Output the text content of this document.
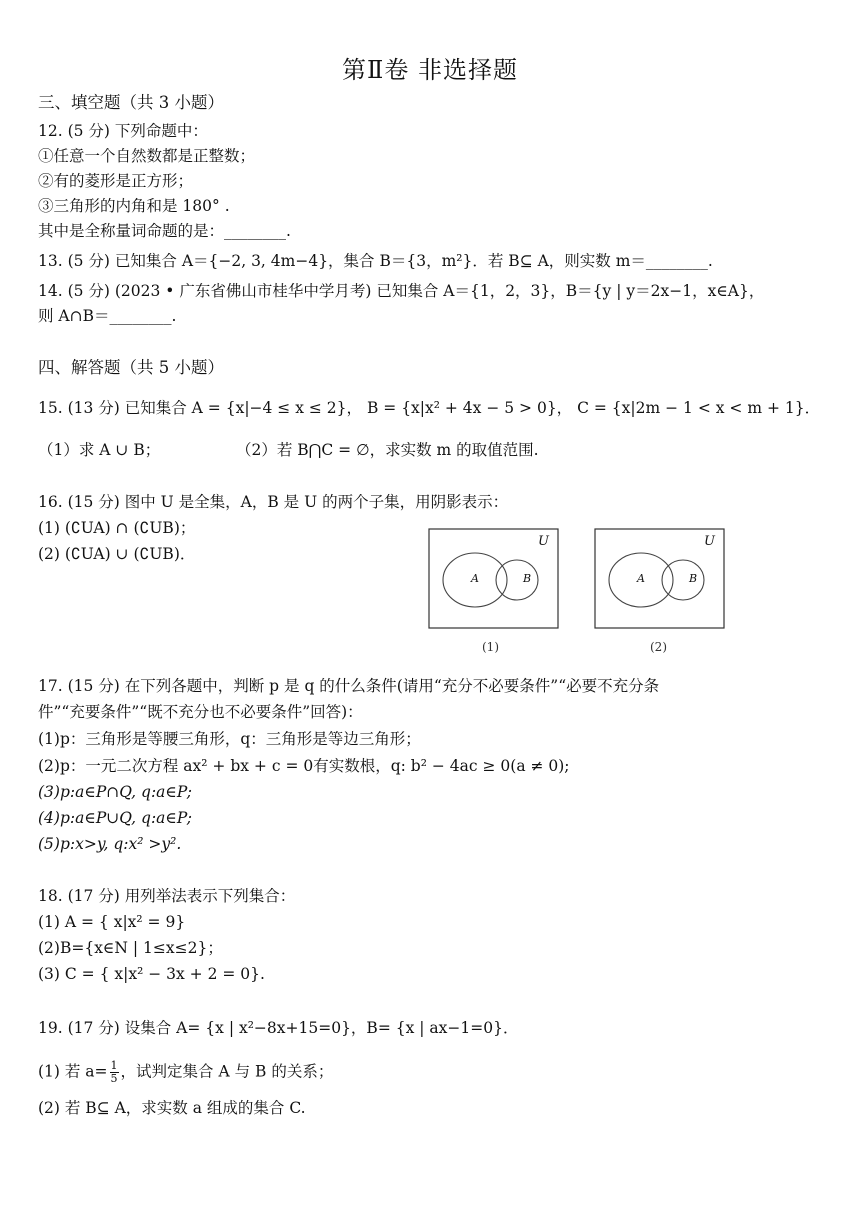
第Ⅱ卷 非选择题
三、填空题（共 3 小题）
12. (5 分) 下列命题中：
①任意一个自然数都是正整数；
②有的菱形是正方形；
③三角形的内角和是 180° .
其中是全称量词命题的是：________.
13. (5 分) 已知集合 A＝{−2, 3, 4m−4}，集合 B＝{3，m²}．若 B⊆ A，则实数 m＝________.
14. (5 分) (2023 • 广东省佛山市桂华中学月考) 已知集合 A＝{1，2，3}，B＝{y | y＝2x−1，x∈A}，
则 A∩B＝________.
四、解答题（共 5 小题）
15. (13 分) 已知集合 A = {x|−4 ≤ x ≤ 2}， B = {x|x² + 4x − 5 > 0}， C = {x|2m − 1 < x < m + 1}．
（1）求 A ∪ B；	（2）若 B⋂C = ∅，求实数 m 的取值范围.
16. (15 分) 图中 U 是全集，A，B 是 U 的两个子集，用阴影表示：
(1) (∁UA) ∩ (∁UB)；
(2) (∁UA) ∪ (∁UB)．
U
A	B
(1)
U
A	B
(2)
17. (15 分) 在下列各题中，判断 p 是 q 的什么条件(请用“充分不必要条件”“必要不充分条
件”“充要条件”“既不充分也不必要条件”回答)：
(1)p：三角形是等腰三角形，q：三角形是等边三角形；
(2)p：一元二次方程 ax² + bx + c = 0有实数根，q: b² − 4ac ≥ 0(a ≠ 0);
(3)p:a∈P∩Q, q:a∈P;
(4)p:a∈P∪Q, q:a∈P;
(5)p:x>y, q:x² >y².
18. (17 分) 用列举法表示下列集合：
(1) A = { x|x² = 9}
(2)B={x∈N | 1≤x≤2}；
(3) C = { x|x² − 3x + 2 = 0}.
19. (17 分) 设集合 A= {x | x²−8x+15=0}，B= {x | ax−1=0}．
(1) 若 $a= \frac{1}{5}$ ，试判定集合 A 与 B 的关系；
(2) 若 B⊆ A，求实数 a 组成的集合 C.
